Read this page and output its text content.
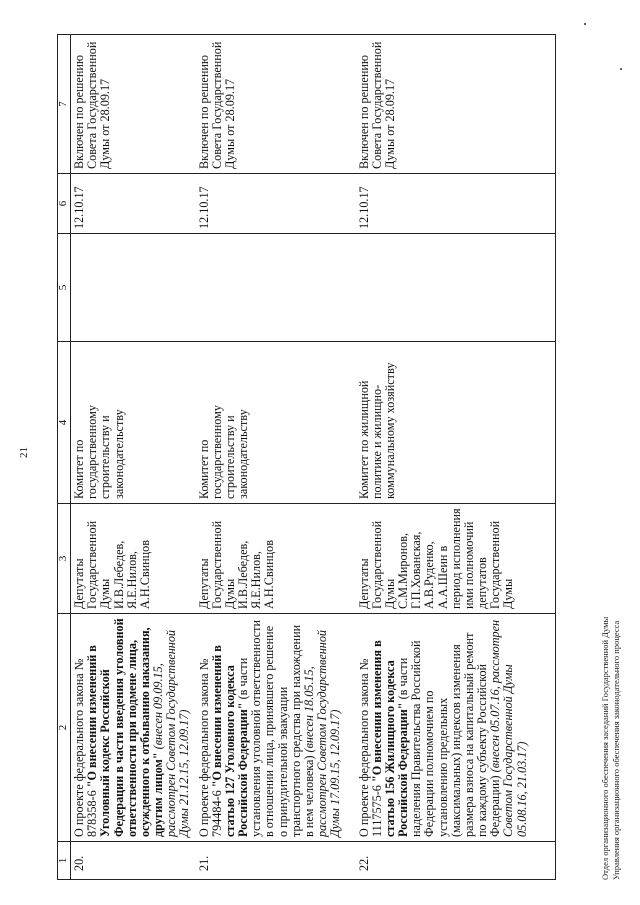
21
1	2	3	4	5	6	7
20.	О проекте федерального закона № 878358-6 "О внесении изменений в Уголовный кодекс Российской Федерации в части введения уголовной ответственности при подмене лица, осужденного к отбыванию наказания, другим лицом" (внесен 09.09.15, рассмотрен Советом Государственной Думы 21.12.15, 12.09.17)	Депутаты Государственной Думы И.В.Лебедев, Я.Е.Нилов, А.Н.Свинцов	Комитет по государственному строительству и законодательству		12.10.17	Включен по решению Совета Государственной Думы от 28.09.17
21.	О проекте федерального закона № 794484-6 "О внесении изменений в статью 127 Уголовного кодекса Российской Федерации" (в части установления уголовной ответственности в отношении лица, принявшего решение о принудительной эвакуации транспортного средства при нахождении в нем человека) (внесен 18.05.15, рассмотрен Советом Государственной Думы 17.09.15, 12.09.17)	Депутаты Государственной Думы И.В.Лебедев, Я.Е.Нилов, А.Н.Свинцов	Комитет по государственному строительству и законодательству		12.10.17	Включен по решению Совета Государственной Думы от 28.09.17
22.	О проекте федерального закона № 1117575-6 "О внесении изменения в статью 156 Жилищного кодекса Российской Федерации" (в части наделения Правительства Российской Федерации полномочием по установлению предельных (максимальных) индексов изменения размера взноса на капитальный ремонт по каждому субъекту Российской Федерации) (внесен 05.07.16, рассмотрен Советом Государственной Думы 05.08.16, 21.03.17)	Депутаты Государственной Думы С.М.Миронов, Г.П.Хованская, А.В.Руденко, А.А.Шеин в период исполнения ими полномочий депутатов Государственной Думы	Комитет по жилищной политике и жилищно-коммунальному хозяйству		12.10.17	Включен по решению Совета Государственной Думы от 28.09.17
Отдел организационного обеспечения заседаний Государственной Думы Управления организационного обеспечения законодательного процесса
